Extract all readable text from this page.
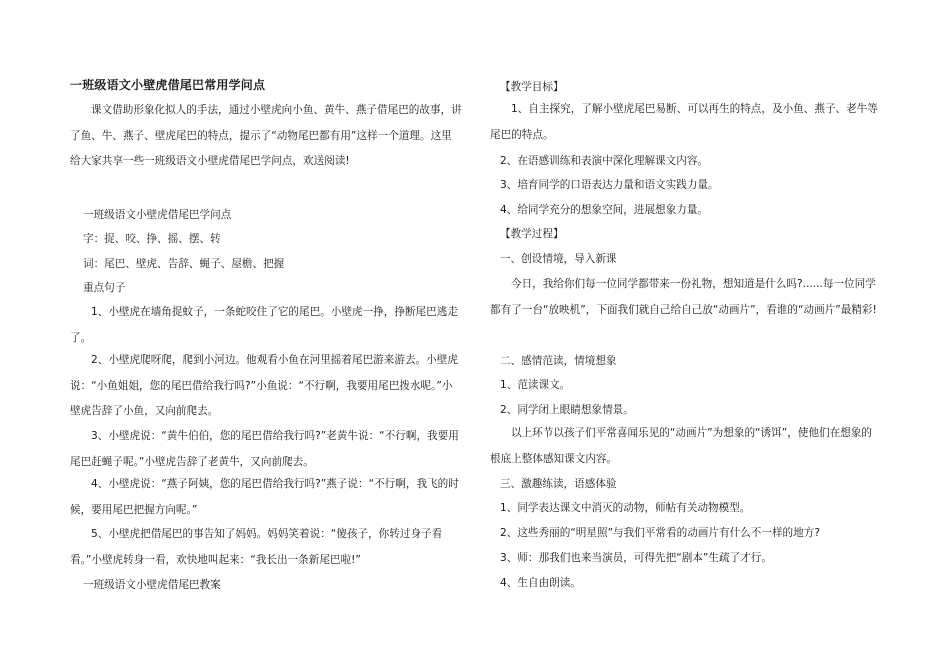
一班级语文小壁虎借尾巴常用学问点

课文借助形象化拟人的手法，通过小壁虎向小鱼、黄牛、燕子借尾巴的故事，讲了鱼、牛、燕子、壁虎尾巴的特点，提示了“动物尾巴都有用”这样一个道理。这里给大家共享一些一班级语文小壁虎借尾巴学问点，欢送阅读!

一班级语文小壁虎借尾巴学问点
字：捉、咬、挣、摇、摆、转
词：尾巴、壁虎、告辞、蝇子、屋檐、把握
重点句子

1、小壁虎在墙角捉蚊子，一条蛇咬住了它的尾巴。小壁虎一挣，挣断尾巴逃走了。

2、小壁虎爬呀爬，爬到小河边。他观看小鱼在河里摇着尾巴游来游去。小壁虎说：“小鱼姐姐，您的尾巴借给我行吗?”小鱼说：“不行啊，我要用尾巴拨水呢。”小壁虎告辞了小鱼，又向前爬去。

3、小壁虎说：“黄牛伯伯，您的尾巴借给我行吗?”老黄牛说：“不行啊，我要用尾巴赶蝇子呢。”小壁虎告辞了老黄牛，又向前爬去。

4、小壁虎说：“燕子阿姨，您的尾巴借给我行吗?”燕子说：“不行啊，我飞的时候，要用尾巴把握方向呢。”

5、小壁虎把借尾巴的事告知了妈妈。妈妈笑着说：“傻孩子，你转过身子看看。”小壁虎转身一看，欢快地叫起来：“我长出一条新尾巴啦!”

一班级语文小壁虎借尾巴教案
【教学目标】

1、自主探究，了解小壁虎尾巴易断、可以再生的特点，及小鱼、燕子、老牛等尾巴的特点。

2、在语感训练和表演中深化理解课文内容。
3、培育同学的口语表达力量和语文实践力量。
4、给同学充分的想象空间，进展想象力量。
【教学过程】
一、创设情境，导入新课

今日，我给你们每一位同学都带来一份礼物，想知道是什么吗?......每一位同学都有了一台“放映机”，下面我们就自己给自己放“动画片”，看谁的“动画片”最精彩!

二、感情范读，情境想象
1、范读课文。
2、同学闭上眼睛想象情景。

以上环节以孩子们平常喜闻乐见的“动画片”为想象的“诱饵”，使他们在想象的根底上整体感知课文内容。

三、激趣练读，语感体验
1、同学表达课文中消灭的动物，师帖有关动物模型。
2、这些秀丽的“明星照”与我们平常看的动画片有什么不一样的地方?
3、师：那我们也来当演员，可得先把“剧本”生疏了才行。
4、生自由朗读。
